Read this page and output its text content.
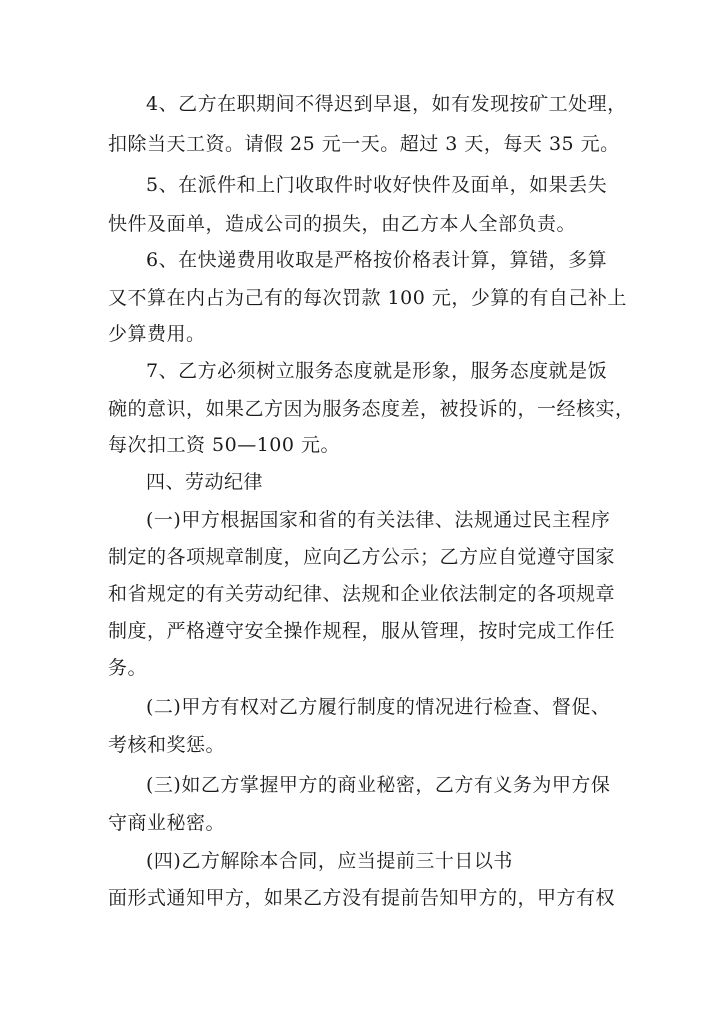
4、乙方在职期间不得迟到早退，如有发现按矿工处理，
扣除当天工资。请假 25 元一天。超过 3 天，每天 35 元。
5、在派件和上门收取件时收好快件及面单，如果丢失
快件及面单，造成公司的损失，由乙方本人全部负责。
6、在快递费用收取是严格按价格表计算，算错，多算
又不算在内占为己有的每次罚款 100 元，少算的有自己补上
少算费用。
7、乙方必须树立服务态度就是形象，服务态度就是饭
碗的意识，如果乙方因为服务态度差，被投诉的，一经核实，
每次扣工资 50—100 元。
四、劳动纪律
(一)甲方根据国家和省的有关法律、法规通过民主程序
制定的各项规章制度，应向乙方公示；乙方应自觉遵守国家
和省规定的有关劳动纪律、法规和企业依法制定的各项规章
制度，严格遵守安全操作规程，服从管理，按时完成工作任
务。
(二)甲方有权对乙方履行制度的情况进行检查、督促、
考核和奖惩。
(三)如乙方掌握甲方的商业秘密，乙方有义务为甲方保
守商业秘密。
(四)乙方解除本合同，应当提前三十日以书
面形式通知甲方，如果乙方没有提前告知甲方的，甲方有权
